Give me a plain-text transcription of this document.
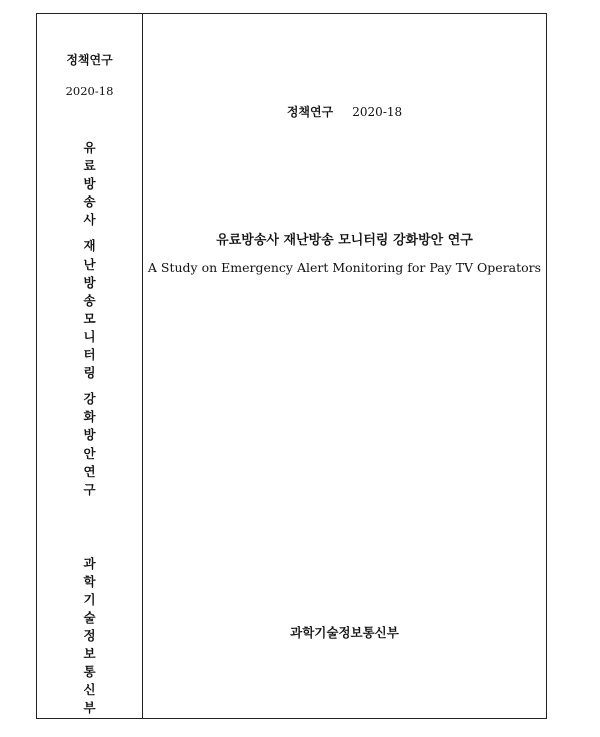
정책연구
2020-18
유
료
방
송
사
재
난
방
송
모
니
터
링
강
화
방
안
연
구
과
학
기
술
정
보
통
신
부
정책연구 2020-18
유료방송사 재난방송 모니터링 강화방안 연구
A Study on Emergency Alert Monitoring for Pay TV Operators
과학기술정보통신부
